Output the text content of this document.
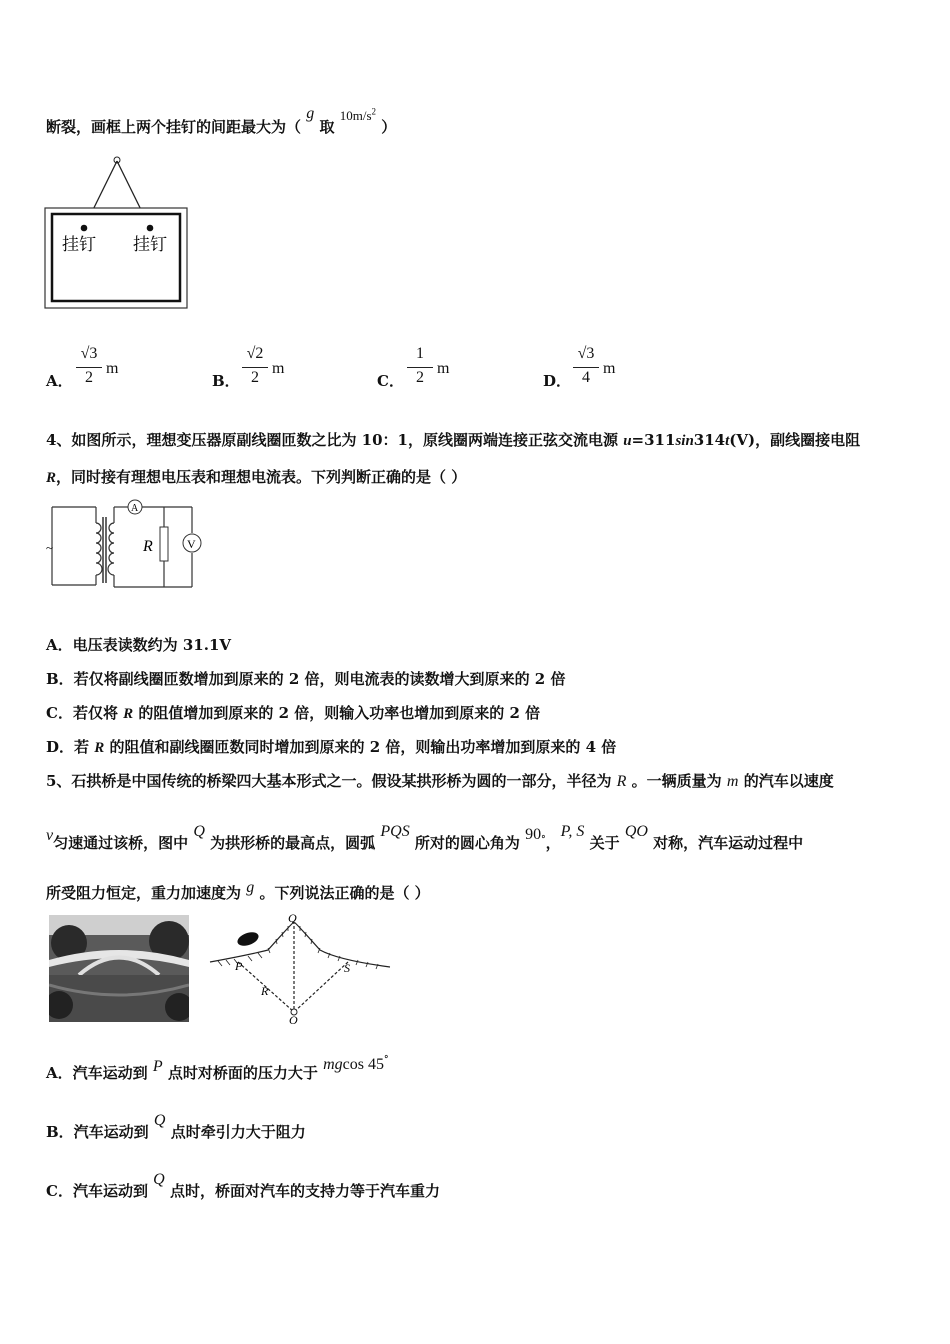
断裂，画框上两个挂钉的间距最大为（ g 取 $10m/s^2$ ）
挂钉 挂钉
A． $\frac{√3}{2}$ m
B． $\frac{√2}{2}$ m
C． $\frac{1}{2}$ m
D． $\frac{√3}{4}$ m
4、如图所示，理想变压器原副线圈匝数之比为 10：1，原线圈两端连接正弦交流电源 u=311sin314t(V)，副线圈接电阻
R，同时接有理想电压表和理想电流表。下列判断正确的是（ ）
~
A
R	V
A．电压表读数约为 31.1V
B．若仅将副线圈匝数增加到原来的 2 倍，则电流表的读数增大到原来的 2 倍
C．若仅将 R 的阻值增加到原来的 2 倍，则输入功率也增加到原来的 2 倍
D．若 R 的阻值和副线圈匝数同时增加到原来的 2 倍，则输出功率增加到原来的 4 倍
5、石拱桥是中国传统的桥梁四大基本形式之一。假设某拱形桥为圆的一部分，半径为 R 。一辆质量为 m 的汽车以速度
v匀速通过该桥，图中 Q 为拱形桥的最高点，圆弧 PQS 所对的圆心角为 90°，P, S 关于 QO 对称，汽车运动过程中
所受阻力恒定，重力加速度为 g 。下列说法正确的是（ ）
Q
P	S
R
O
A．汽车运动到 P 点时对桥面的压力大于 mgcos 45°
B．汽车运动到 Q 点时牵引力大于阻力
C．汽车运动到 Q 点时，桥面对汽车的支持力等于汽车重力
